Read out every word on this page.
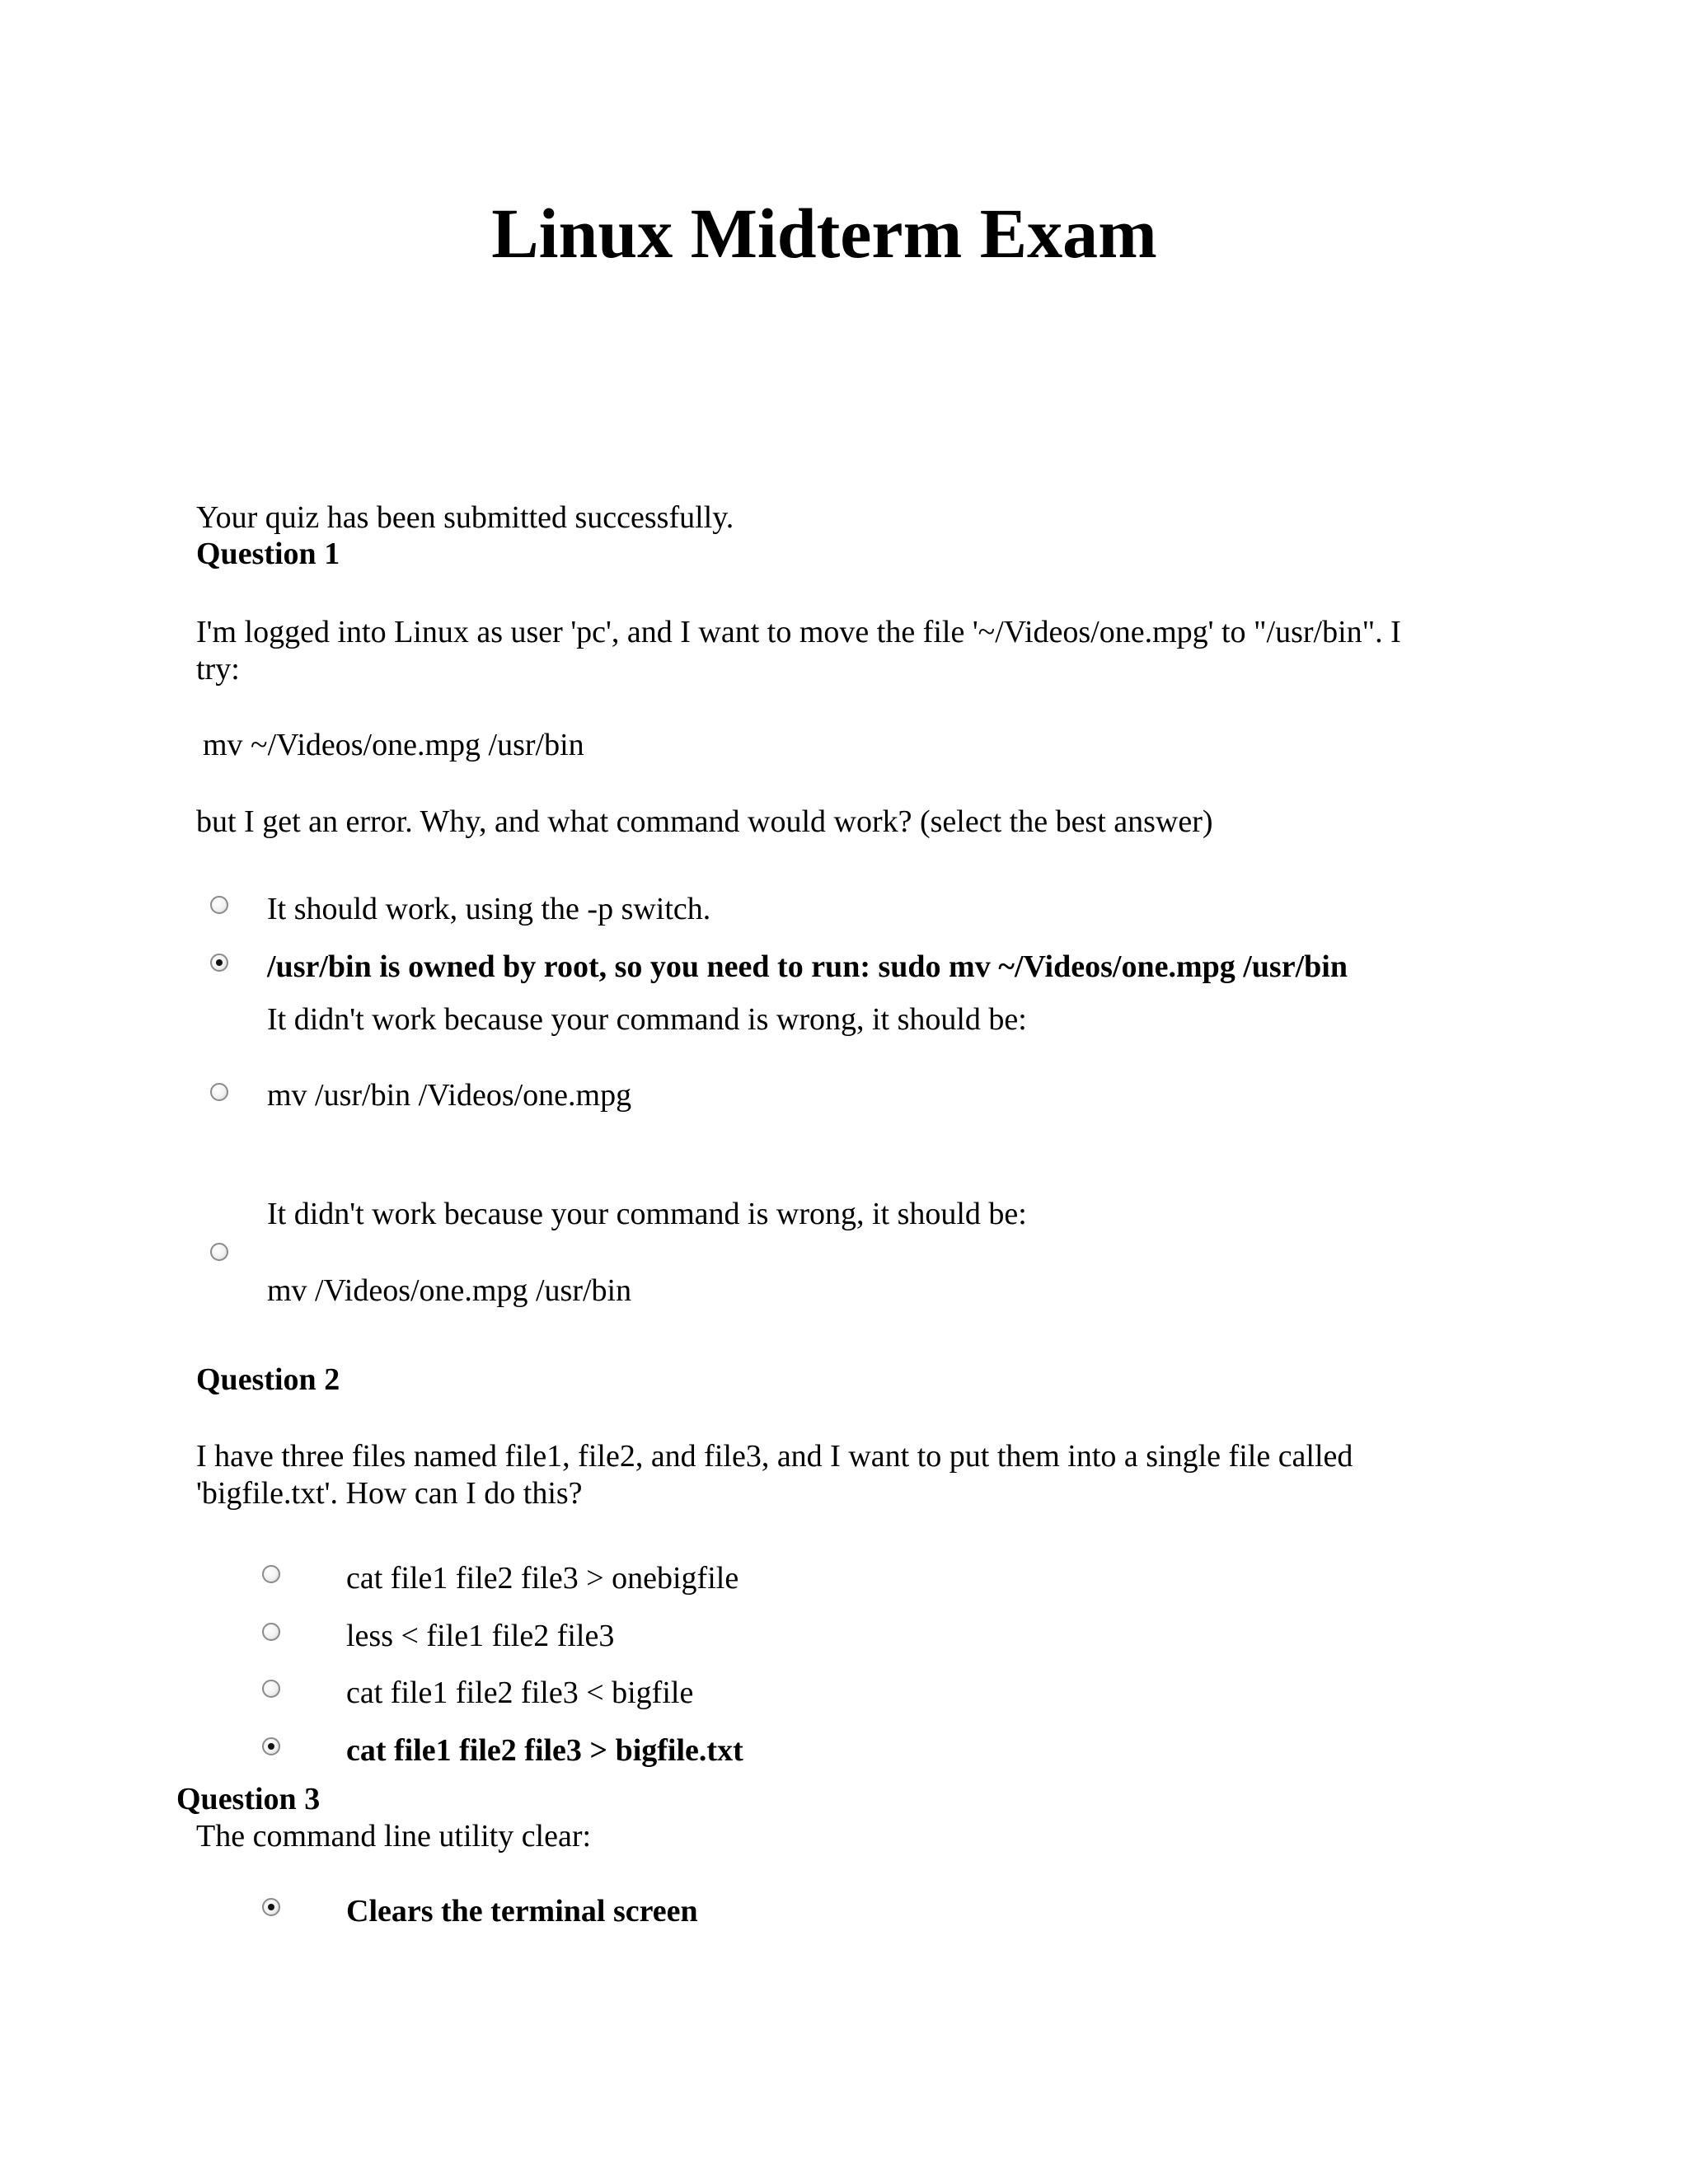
Linux Midterm Exam
Your quiz has been submitted successfully.
Question 1
I'm logged into Linux as user 'pc', and I want to move the file '~/Videos/one.mpg' to "/usr/bin". I
try:
mv ~/Videos/one.mpg /usr/bin
but I get an error. Why, and what command would work? (select the best answer)
It should work, using the -p switch.
/usr/bin is owned by root, so you need to run: sudo mv ~/Videos/one.mpg /usr/bin
It didn't work because your command is wrong, it should be:
mv /usr/bin /Videos/one.mpg
It didn't work because your command is wrong, it should be:
mv /Videos/one.mpg /usr/bin
Question 2
I have three files named file1, file2, and file3, and I want to put them into a single file called
'bigfile.txt'. How can I do this?
cat file1 file2 file3 > onebigfile
less < file1 file2 file3
cat file1 file2 file3 < bigfile
cat file1 file2 file3 > bigfile.txt
Question 3
The command line utility clear:
Clears the terminal screen
